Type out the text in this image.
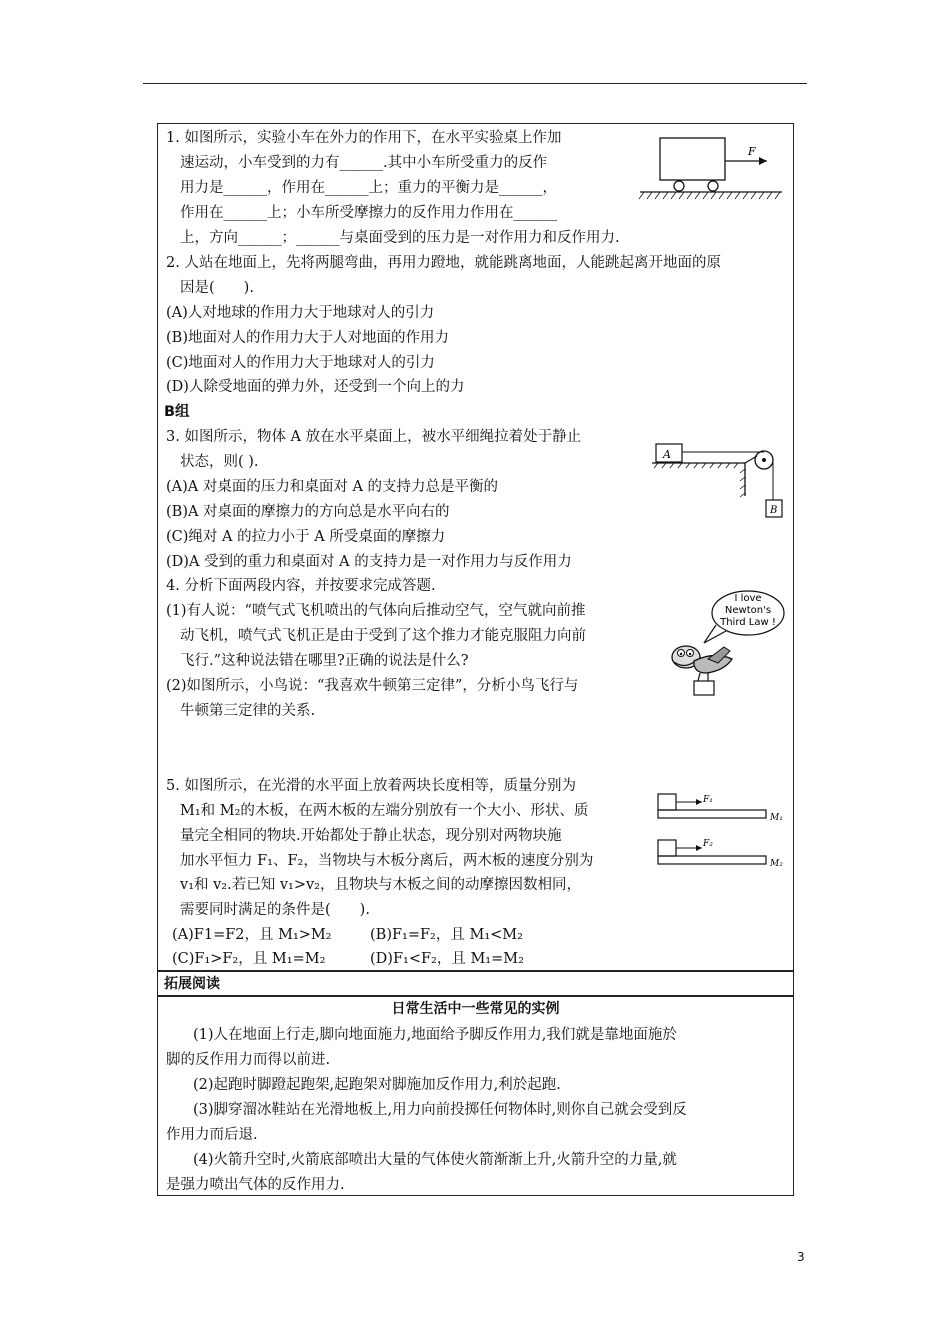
1. 如图所示，实验小车在外力的作用下，在水平实验桌上作加
速运动，小车受到的力有______.其中小车所受重力的反作
用力是______，作用在______上；重力的平衡力是______，
作用在______上；小车所受摩擦力的反作用力作用在______
上，方向______；______与桌面受到的压力是一对作用力和反作用力.
F
2. 人站在地面上，先将两腿弯曲，再用力蹬地，就能跳离地面，人能跳起离开地面的原
因是(　　).
(A)人对地球的作用力大于地球对人的引力
(B)地面对人的作用力大于人对地面的作用力
(C)地面对人的作用力大于地球对人的引力
(D)人除受地面的弹力外，还受到一个向上的力
B组
3. 如图所示，物体 A 放在水平桌面上，被水平细绳拉着处于静止
状态，则( ).
(A)A 对桌面的压力和桌面对 A 的支持力总是平衡的
(B)A 对桌面的摩擦力的方向总是水平向右的
(C)绳对 A 的拉力小于 A 所受桌面的摩擦力
(D)A 受到的重力和桌面对 A 的支持力是一对作用力与反作用力
A
B
4. 分析下面两段内容，并按要求完成答题.
(1)有人说：“喷气式飞机喷出的气体向后推动空气，空气就向前推
动飞机，喷气式飞机正是由于受到了这个推力才能克服阻力向前
飞行.”这种说法错在哪里?正确的说法是什么?
(2)如图所示，小鸟说：“我喜欢牛顿第三定律”，分析小鸟飞行与
牛顿第三定律的关系.
I love
Newton's
Third Law !
5. 如图所示，在光滑的水平面上放着两块长度相等，质量分别为
M₁和 M₂的木板，在两木板的左端分别放有一个大小、形状、质
量完全相同的物块.开始都处于静止状态，现分别对两物块施
加水平恒力 F₁、F₂，当物块与木板分离后，两木板的速度分别为
v₁和 v₂.若已知 v₁>v₂，且物块与木板之间的动摩擦因数相同，
需要同时满足的条件是(　　).
(A)F1=F2，且 M₁>M₂	(B)F₁=F₂，且 M₁<M₂
(C)F₁>F₂，且 M₁=M₂	(D)F₁<F₂，且 M₁=M₂
F₁
M₁
F₂
M₂
拓展阅读
日常生活中一些常见的实例
(1)人在地面上行走,脚向地面施力,地面给予脚反作用力,我们就是靠地面施於
脚的反作用力而得以前进.
(2)起跑时脚蹬起跑架,起跑架对脚施加反作用力,利於起跑.
(3)脚穿溜冰鞋站在光滑地板上,用力向前投掷任何物体时,则你自己就会受到反
作用力而后退.
(4)火箭升空时,火箭底部喷出大量的气体使火箭渐渐上升,火箭升空的力量,就
是强力喷出气体的反作用力.
3
